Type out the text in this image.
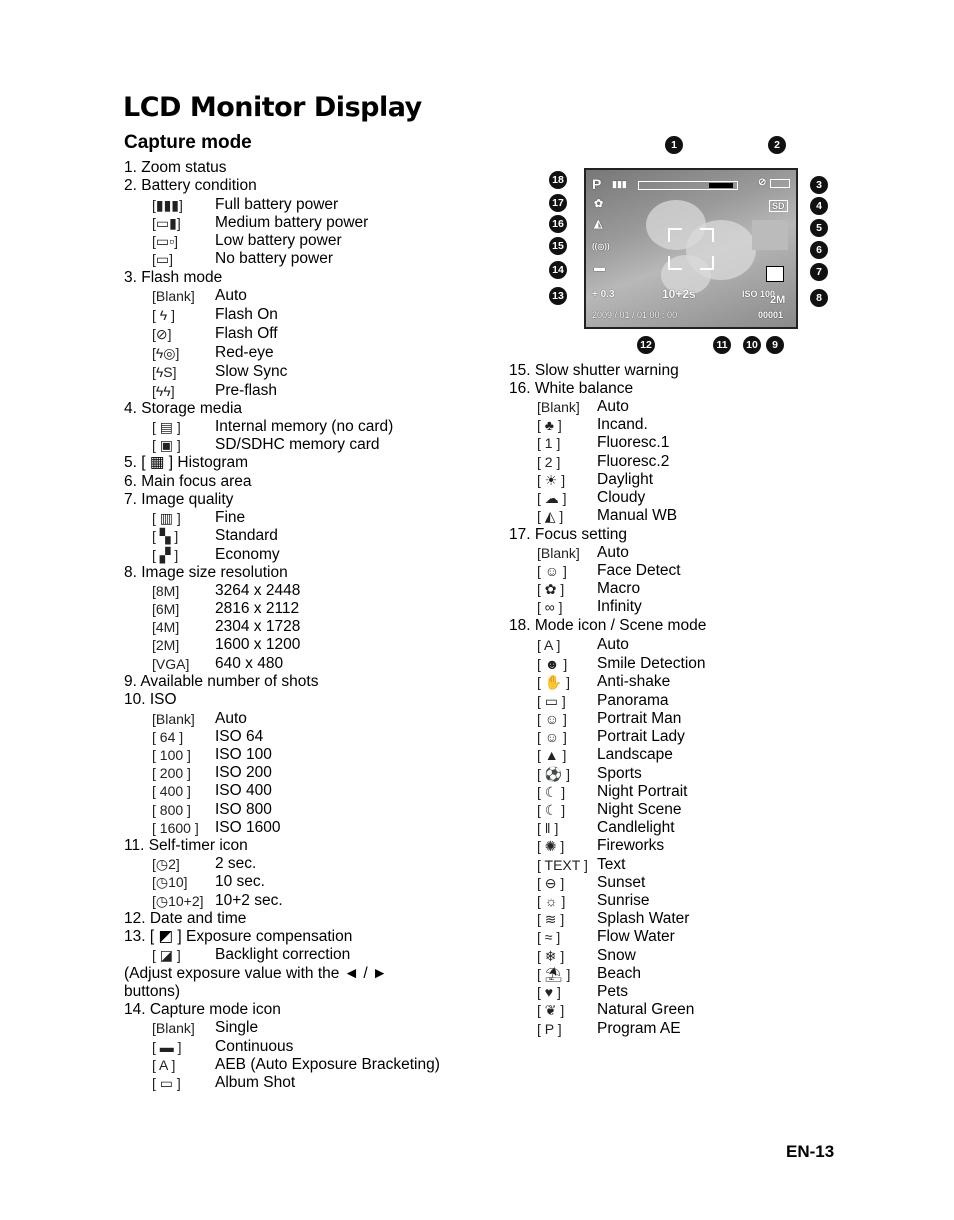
LCD Monitor Display
Capture mode
P ▮▮▮	⊘
SD
✿
◭
((◎))
▬
+ 0.3	10+2s	ISO 100
2M
2009 / 01 / 01 00 : 00	00001
1	2
3
4
5
6
7
8
9
10
11
12
13
14
15
16
17
18
1. Zoom status
2. Battery condition
[▮▮▮] Full battery power
[▭▮] Medium battery power
[▭▫] Low battery power
[▭]	No battery power
3. Flash mode
[Blank] Auto
[ ϟ ]	Flash On
[⊘]	Flash Off
[ϟ◎] Red-eye
[ϟS] Slow Sync
[ϟϟ]	Pre-flash
4. Storage media
[ ▤ ] Internal memory (no card)
[ ▣ ] SD/SDHC memory card
5. [ ▦ ] Histogram
6. Main focus area
7. Image quality
[ ▥ ] Fine
[ ▚ ] Standard
[ ▞ ] Economy
8. Image size resolution
[8M] 3264 x 2448
[6M] 2816 x 2112
[4M] 2304 x 1728
[2M] 1600 x 1200
[VGA] 640 x 480
9. Available number of shots
10. ISO
[Blank] Auto
[ 64 ] ISO 64
[ 100 ] ISO 100
[ 200 ] ISO 200
[ 400 ] ISO 400
[ 800 ] ISO 800
[ 1600 ] ISO 1600
11. Self-timer icon
[◷2] 2 sec.
[◷10] 10 sec.
[◷10+2] 10+2 sec.
12. Date and time
13. [ ◩ ] Exposure compensation
[ ◪ ] Backlight correction
(Adjust exposure value with the ◄ / ►
buttons)
14. Capture mode icon
[Blank] Single
[ ▬ ] Continuous
[ A ]	AEB (Auto Exposure Bracketing)
[ ▭ ] Album Shot
15. Slow shutter warning
16. White balance
[Blank] Auto
[ ♣ ] Incand.
[ 1 ] Fluoresc.1
[ 2 ] Fluoresc.2
[ ☀ ] Daylight
[ ☁ ] Cloudy
[ ◭ ] Manual WB
17. Focus setting
[Blank] Auto
[ ☺ ] Face Detect
[ ✿ ] Macro
[ ∞ ] Infinity
18. Mode icon / Scene mode
[ A ] Auto
[ ☻ ] Smile Detection
[ ✋ ] Anti-shake
[ ▭ ] Panorama
[ ☺ ] Portrait Man
[ ☺ ] Portrait Lady
[ ▲ ] Landscape
[ ⚽ ] Sports
[ ☾ ] Night Portrait
[ ☾ ] Night Scene
[ ‖ ] Candlelight
[ ✺ ] Fireworks
[ TEXT ] Text
[ ⊖ ] Sunset
[ ☼ ] Sunrise
[ ≋ ] Splash Water
[ ≈ ] Flow Water
[ ❄ ] Snow
[ ⛱ ] Beach
[ ♥ ] Pets
[ ❦ ] Natural Green
[ P ] Program AE
EN-13
